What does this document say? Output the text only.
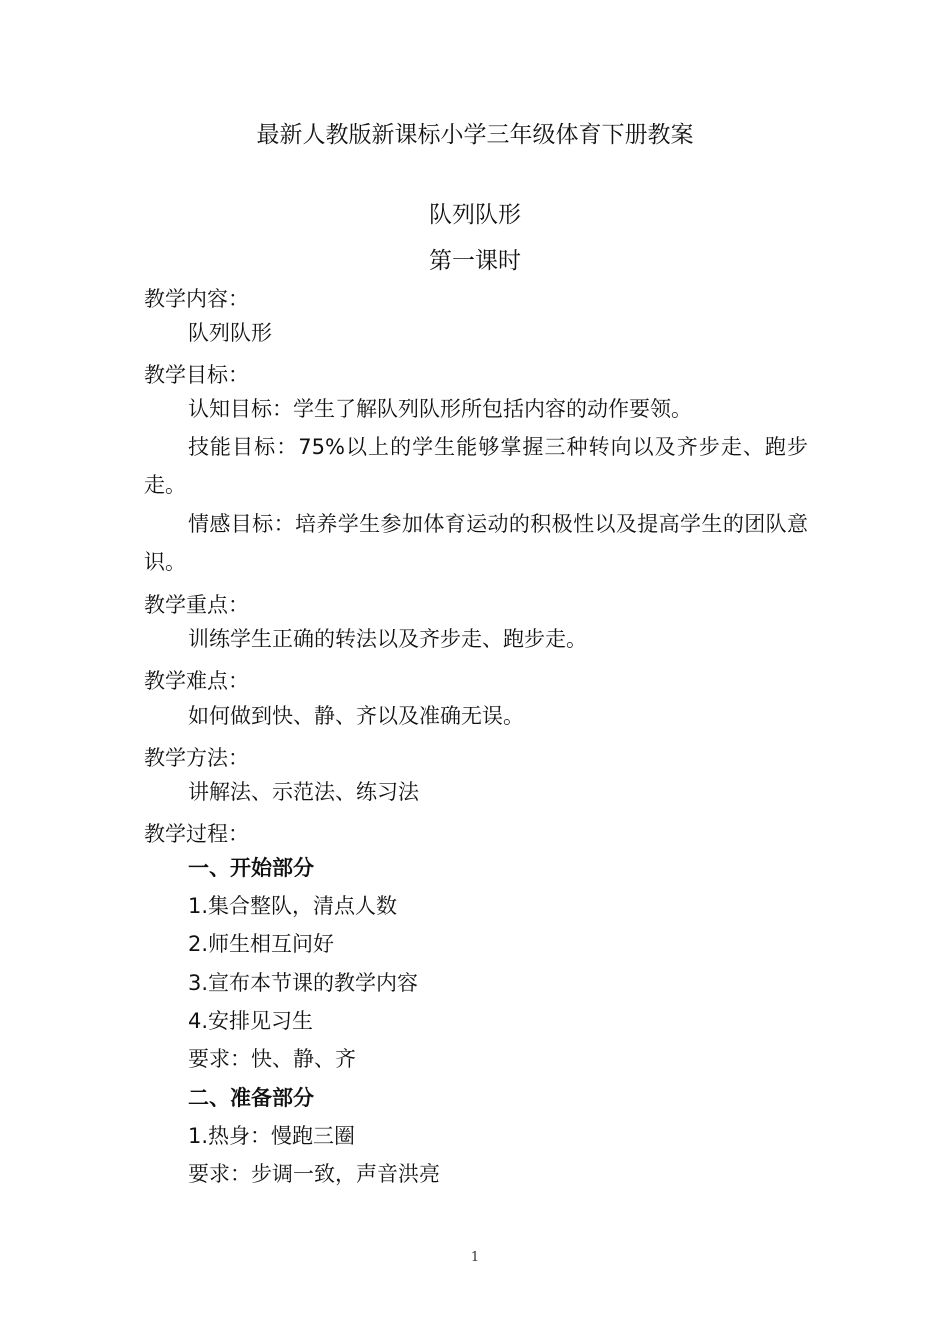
最新人教版新课标小学三年级体育下册教案
队列队形
第一课时
教学内容：
队列队形
教学目标：
认知目标：学生了解队列队形所包括内容的动作要领。
技能目标：75%以上的学生能够掌握三种转向以及齐步走、跑步走。
情感目标：培养学生参加体育运动的积极性以及提高学生的团队意识。
教学重点：
训练学生正确的转法以及齐步走、跑步走。
教学难点：
如何做到快、静、齐以及准确无误。
教学方法：
讲解法、示范法、练习法
教学过程：
一、开始部分
1.集合整队，清点人数
2.师生相互问好
3.宣布本节课的教学内容
4.安排见习生
要求：快、静、齐
二、准备部分
1.热身：慢跑三圈
要求：步调一致，声音洪亮
1
